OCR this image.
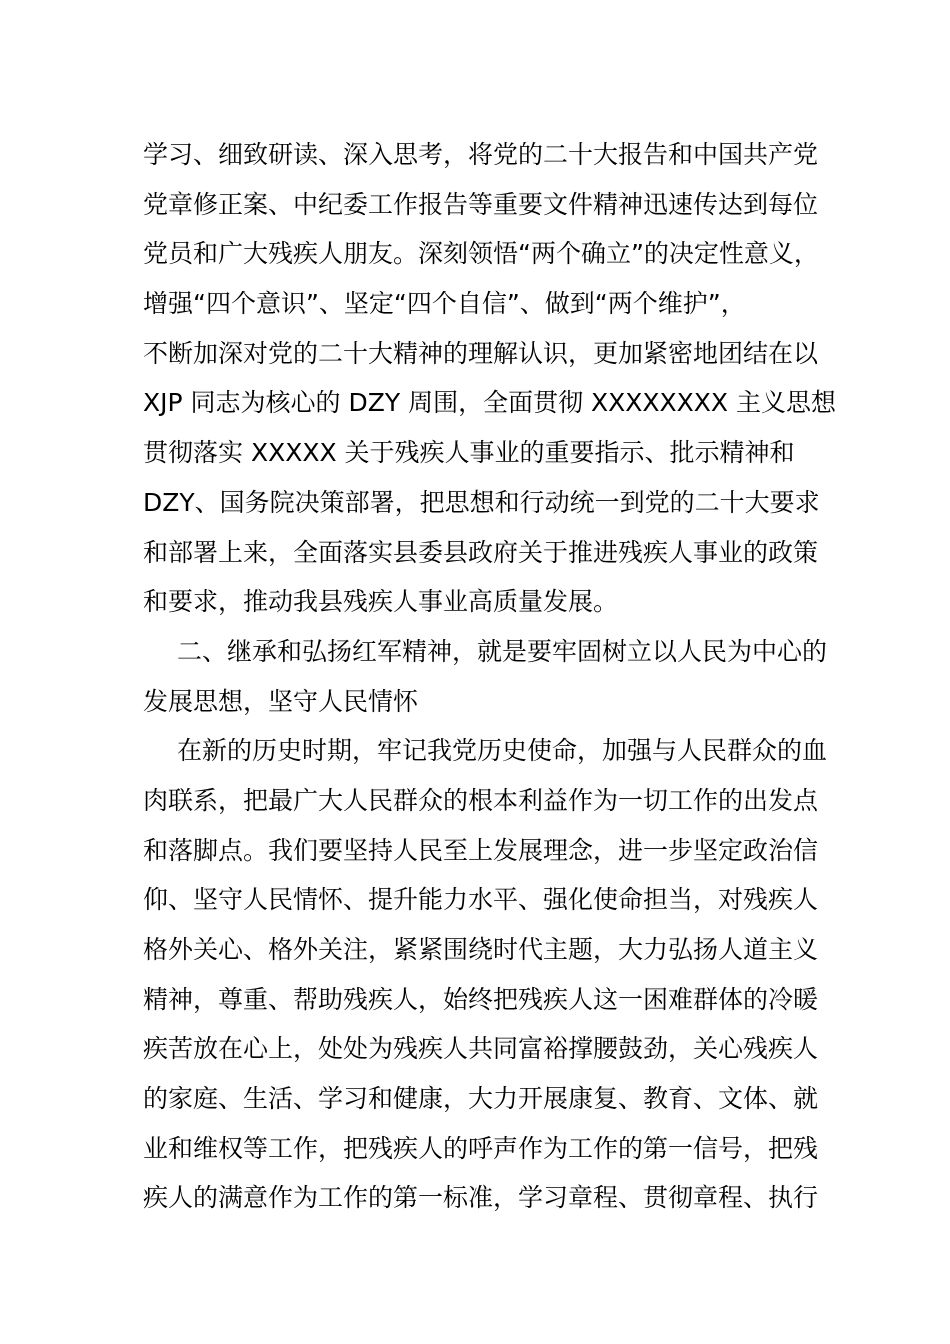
学习、细致研读、深入思考，将党的二十大报告和中国共产党
党章修正案、中纪委工作报告等重要文件精神迅速传达到每位
党员和广大残疾人朋友。深刻领悟“两个确立”的决定性意义，
增强“四个意识”、坚定“四个自信”、做到“两个维护”，
不断加深对党的二十大精神的理解认识，更加紧密地团结在以
XJP 同志为核心的 DZY 周围，全面贯彻 XXXXXXXX 主义思想
贯彻落实 XXXXX 关于残疾人事业的重要指示、批示精神和
DZY、国务院决策部署，把思想和行动统一到党的二十大要求
和部署上来，全面落实县委县政府关于推进残疾人事业的政策
和要求，推动我县残疾人事业高质量发展。
二、继承和弘扬红军精神，就是要牢固树立以人民为中心的
发展思想，坚守人民情怀
在新的历史时期，牢记我党历史使命，加强与人民群众的血
肉联系，把最广大人民群众的根本利益作为一切工作的出发点
和落脚点。我们要坚持人民至上发展理念，进一步坚定政治信
仰、坚守人民情怀、提升能力水平、强化使命担当，对残疾人
格外关心、格外关注，紧紧围绕时代主题，大力弘扬人道主义
精神，尊重、帮助残疾人，始终把残疾人这一困难群体的冷暖
疾苦放在心上，处处为残疾人共同富裕撑腰鼓劲，关心残疾人
的家庭、生活、学习和健康，大力开展康复、教育、文体、就
业和维权等工作，把残疾人的呼声作为工作的第一信号，把残
疾人的满意作为工作的第一标准，学习章程、贯彻章程、执行
